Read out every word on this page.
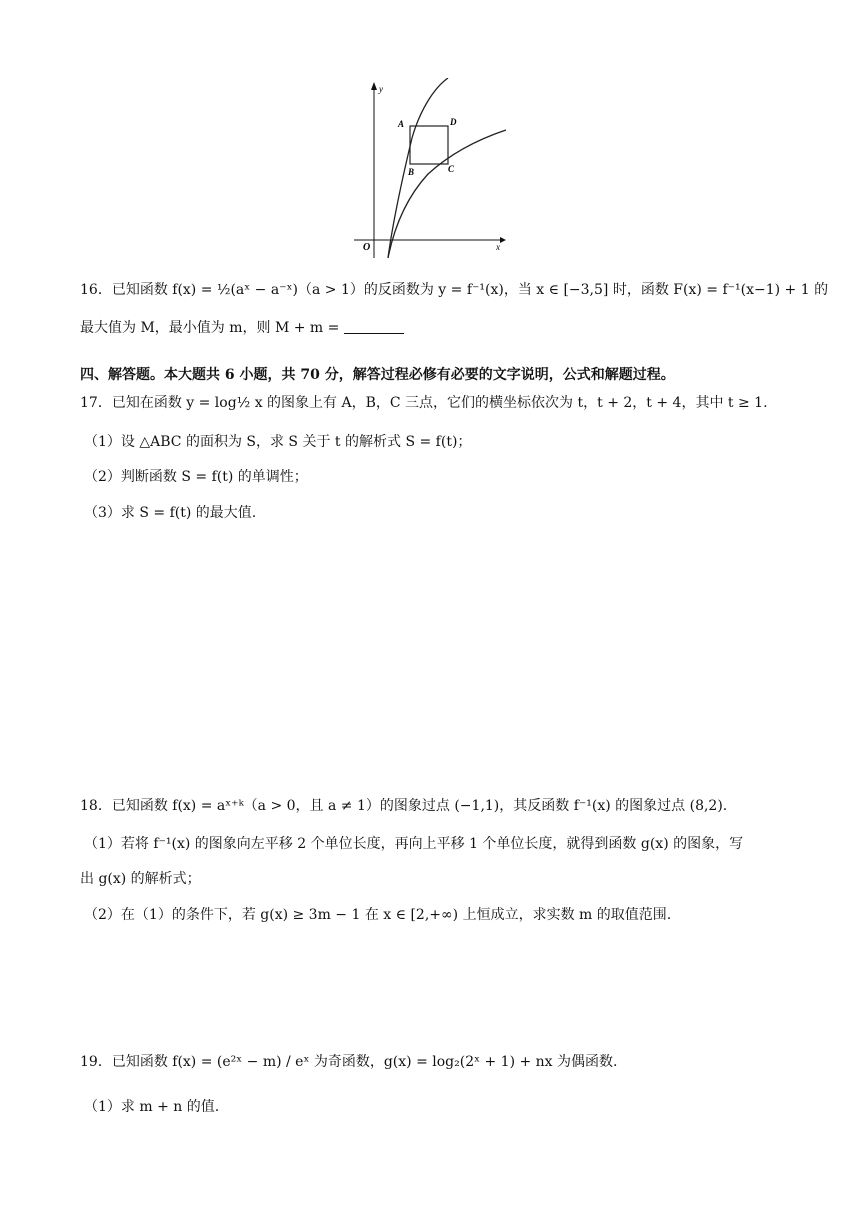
y
x
O
A	D
B	C
16．已知函数 f(x) = ½(aˣ − a⁻ˣ)（a > 1）的反函数为 y = f⁻¹(x)，当 x ∈ [−3,5] 时，函数 F(x) = f⁻¹(x−1) + 1 的
最大值为 M，最小值为 m，则 M + m =
四、解答题。本大题共 6 小题，共 70 分，解答过程必修有必要的文字说明，公式和解题过程。
17．已知在函数 y = log½ x 的图象上有 A，B，C 三点，它们的横坐标依次为 t，t + 2，t + 4，其中 t ≥ 1.
（1）设 △ABC 的面积为 S，求 S 关于 t 的解析式 S = f(t)；
（2）判断函数 S = f(t) 的单调性；
（3）求 S = f(t) 的最大值.
18．已知函数 f(x) = aˣ⁺ᵏ（a > 0，且 a ≠ 1）的图象过点 (−1,1)，其反函数 f⁻¹(x) 的图象过点 (8,2).
（1）若将 f⁻¹(x) 的图象向左平移 2 个单位长度，再向上平移 1 个单位长度，就得到函数 g(x) 的图象，写
出 g(x) 的解析式；
（2）在（1）的条件下，若 g(x) ≥ 3m − 1 在 x ∈ [2,+∞) 上恒成立，求实数 m 的取值范围.
19．已知函数 f(x) = (e²ˣ − m) / eˣ 为奇函数，g(x) = log₂(2ˣ + 1) + nx 为偶函数.
（1）求 m + n 的值.
